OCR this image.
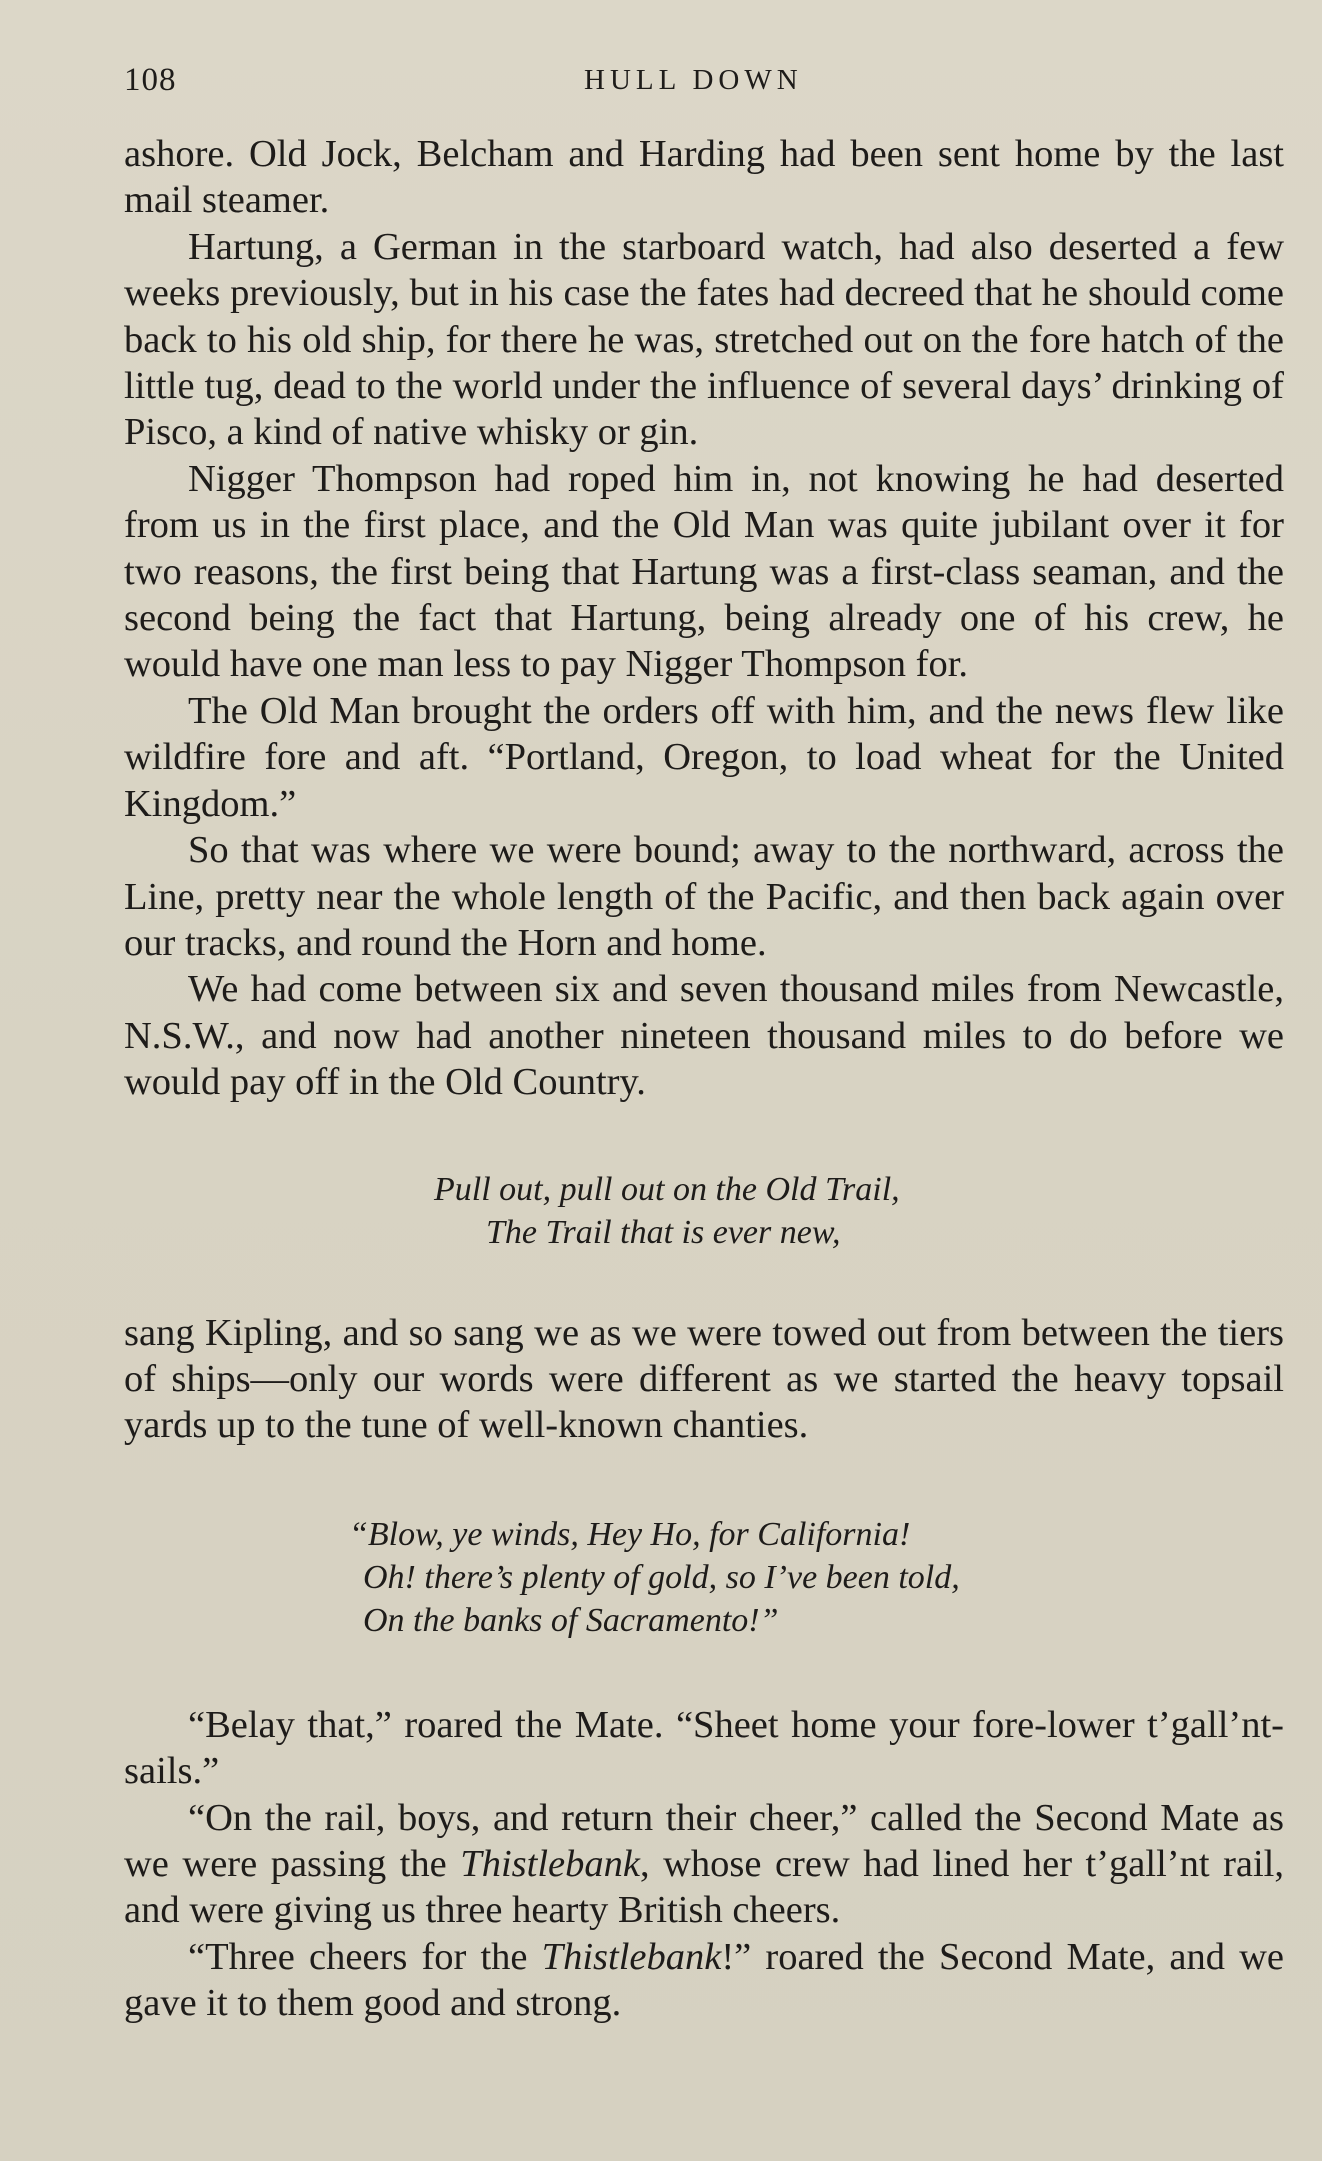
108	HULL DOWN

ashore. Old Jock, Belcham and Harding had been sent home by the last mail steamer.

Hartung, a German in the starboard watch, had also deserted a few weeks previously, but in his case the fates had decreed that he should come back to his old ship, for there he was, stretched out on the fore hatch of the little tug, dead to the world under the influence of several days’ drinking of Pisco, a kind of native whisky or gin.

Nigger Thompson had roped him in, not knowing he had deserted from us in the first place, and the Old Man was quite jubilant over it for two reasons, the first being that Hartung was a first-class seaman, and the second being the fact that Hartung, being already one of his crew, he would have one man less to pay Nigger Thompson for.

The Old Man brought the orders off with him, and the news flew like wildfire fore and aft. “Portland, Oregon, to load wheat for the United Kingdom.”

So that was where we were bound; away to the northward, across the Line, pretty near the whole length of the Pacific, and then back again over our tracks, and round the Horn and home.

We had come between six and seven thousand miles from Newcastle, N.S.W., and now had another nineteen thousand miles to do before we would pay off in the Old Country.

Pull out, pull out on the Old Trail,
The Trail that is ever new,

sang Kipling, and so sang we as we were towed out from between the tiers of ships—only our words were different as we started the heavy topsail yards up to the tune of well-known chanties.

“Blow, ye winds, Hey Ho, for California!
Oh! there’s plenty of gold, so I’ve been told,
On the banks of Sacramento!”

“Belay that,” roared the Mate. “Sheet home your fore-lower t’gall’nt-sails.”

“On the rail, boys, and return their cheer,” called the Second Mate as we were passing the Thistlebank, whose crew had lined her t’gall’nt rail, and were giving us three hearty British cheers.

“Three cheers for the Thistlebank!” roared the Second Mate, and we gave it to them good and strong.
